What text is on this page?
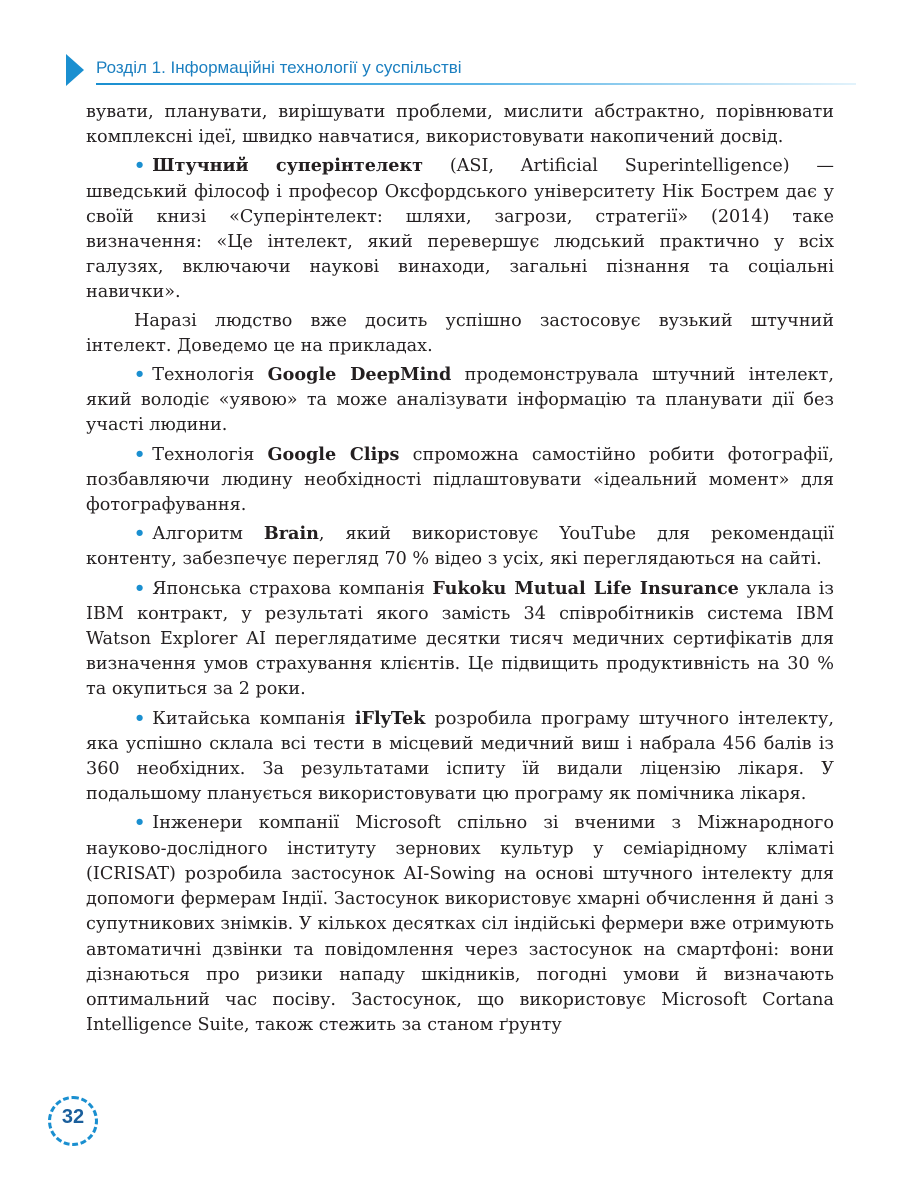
Розділ 1. Інформаційні технології у суспільстві

вувати, планувати, вирішувати проблеми, мислити абстрактно, порівнювати комплексні ідеї, швидко навчатися, використовувати накопичений досвід.

• Штучний суперінтелект (ASI, Artificial Superintelligence) — шведський філософ і професор Оксфордського університету Нік Бострем дає у своїй книзі «Суперінтелект: шляхи, загрози, стратегії» (2014) таке визначення: «Це інтелект, який перевершує людський практично у всіх галузях, включаючи наукові винаходи, загальні пізнання та соціальні навички».

Наразі людство вже досить успішно застосовує вузький штучний інтелект. Доведемо це на прикладах.

• Технологія Google DeepMind продемонструвала штучний інтелект, який володіє «уявою» та може аналізувати інформацію та планувати дії без участі людини.

• Технологія Google Clips спроможна самостійно робити фотографії, позбавляючи людину необхідності підлаштовувати «ідеальний момент» для фотографування.

• Алгоритм Brain, який використовує YouTube для рекомендації контенту, забезпечує перегляд 70 % відео з усіх, які переглядаються на сайті.

• Японська страхова компанія Fukoku Mutual Life Insurance уклала із IBM контракт, у результаті якого замість 34 співробітників система IBM Watson Explorer AI переглядатиме десятки тисяч медичних сертифікатів для визначення умов страхування клієнтів. Це підвищить продуктивність на 30 % та окупиться за 2 роки.

• Китайська компанія iFlyTek розробила програму штучного інтелекту, яка успішно склала всі тести в місцевий медичний виш і набрала 456 балів із 360 необхідних. За результатами іспиту їй видали ліцензію лікаря. У подальшому планується використовувати цю програму як помічника лікаря.

• Інженери компанії Microsoft спільно зі вченими з Міжнародного науково-дослідного інституту зернових культур у семіарідному кліматі (ICRISAT) розробила застосунок AI-Sowing на основі штучного інтелекту для допомоги фермерам Індії. Застосунок використовує хмарні обчислення й дані з супутникових знімків. У кількох десятках сіл індійські фермери вже отримують автоматичні дзвінки та повідомлення через застосунок на смартфоні: вони дізнаються про ризики нападу шкідників, погодні умови й визначають оптимальний час посіву. Застосунок, що використовує Microsoft Cortana Intelligence Suite, також стежить за станом ґрунту

32
